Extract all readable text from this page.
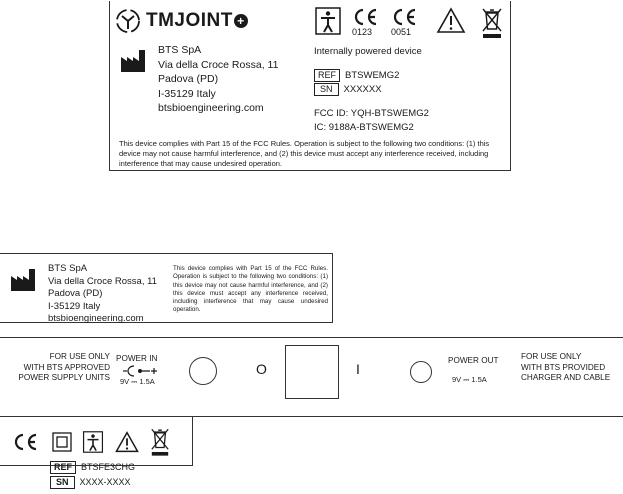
TMJOINT +
BTS SpA
Via della Croce Rossa, 11
Padova (PD)
I-35129 Italy
btsbioengineering.com
0123 0051
Internally powered device
REF BTSWEMG2
SN XXXXXX
FCC ID: YQH-BTSWEMG2
IC: 9188A-BTSWEMG2
This device complies with Part 15 of the FCC Rules. Operation is subject to the following two conditions: (1) this device may not cause harmful interference, and (2) this device must accept any interference received, including interference that may cause undesired operation.
BTS SpA
Via della Croce Rossa, 11
Padova (PD)
I-35129 Italy
btsbioengineering.com
This device complies with Part 15 of the FCC Rules. Operation is subject to the following two conditions: (1) this device may not cause harmful interference, and (2) this device must accept any interference received, including interference that may cause undesired operation.
FOR USE ONLY
WITH BTS APPROVED
POWER SUPPLY UNITS
POWER IN
9V ⎓ 1.5A
O	I
POWER OUT
9V ⎓ 1.5A
FOR USE ONLY
WITH BTS PROVIDED
CHARGER AND CABLE
REF BTSFE3CHG
SN XXXX-XXXX
